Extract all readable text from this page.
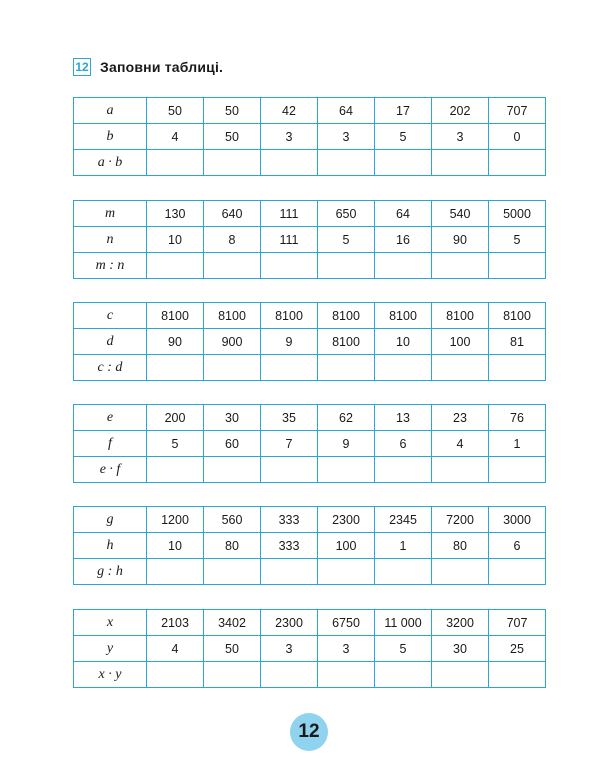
12 Заповни таблиці.
a	50	50	42	64	17	202	707
b	4	50	3	3	5	3	0
a · b							
m	130	640	111	650	64	540	5000
n	10	8	111	5	16	90	5
m : n							
c	8100	8100	8100	8100	8100	8100	8100
d	90	900	9	8100	10	100	81
c : d							
e	200	30	35	62	13	23	76
f	5	60	7	9	6	4	1
e · f							
g	1200	560	333	2300	2345	7200	3000
h	10	80	333	100	1	80	6
g : h							
x	2103	3402	2300	6750	11 000	3200	707
y	4	50	3	3	5	30	25
x · y							
12
